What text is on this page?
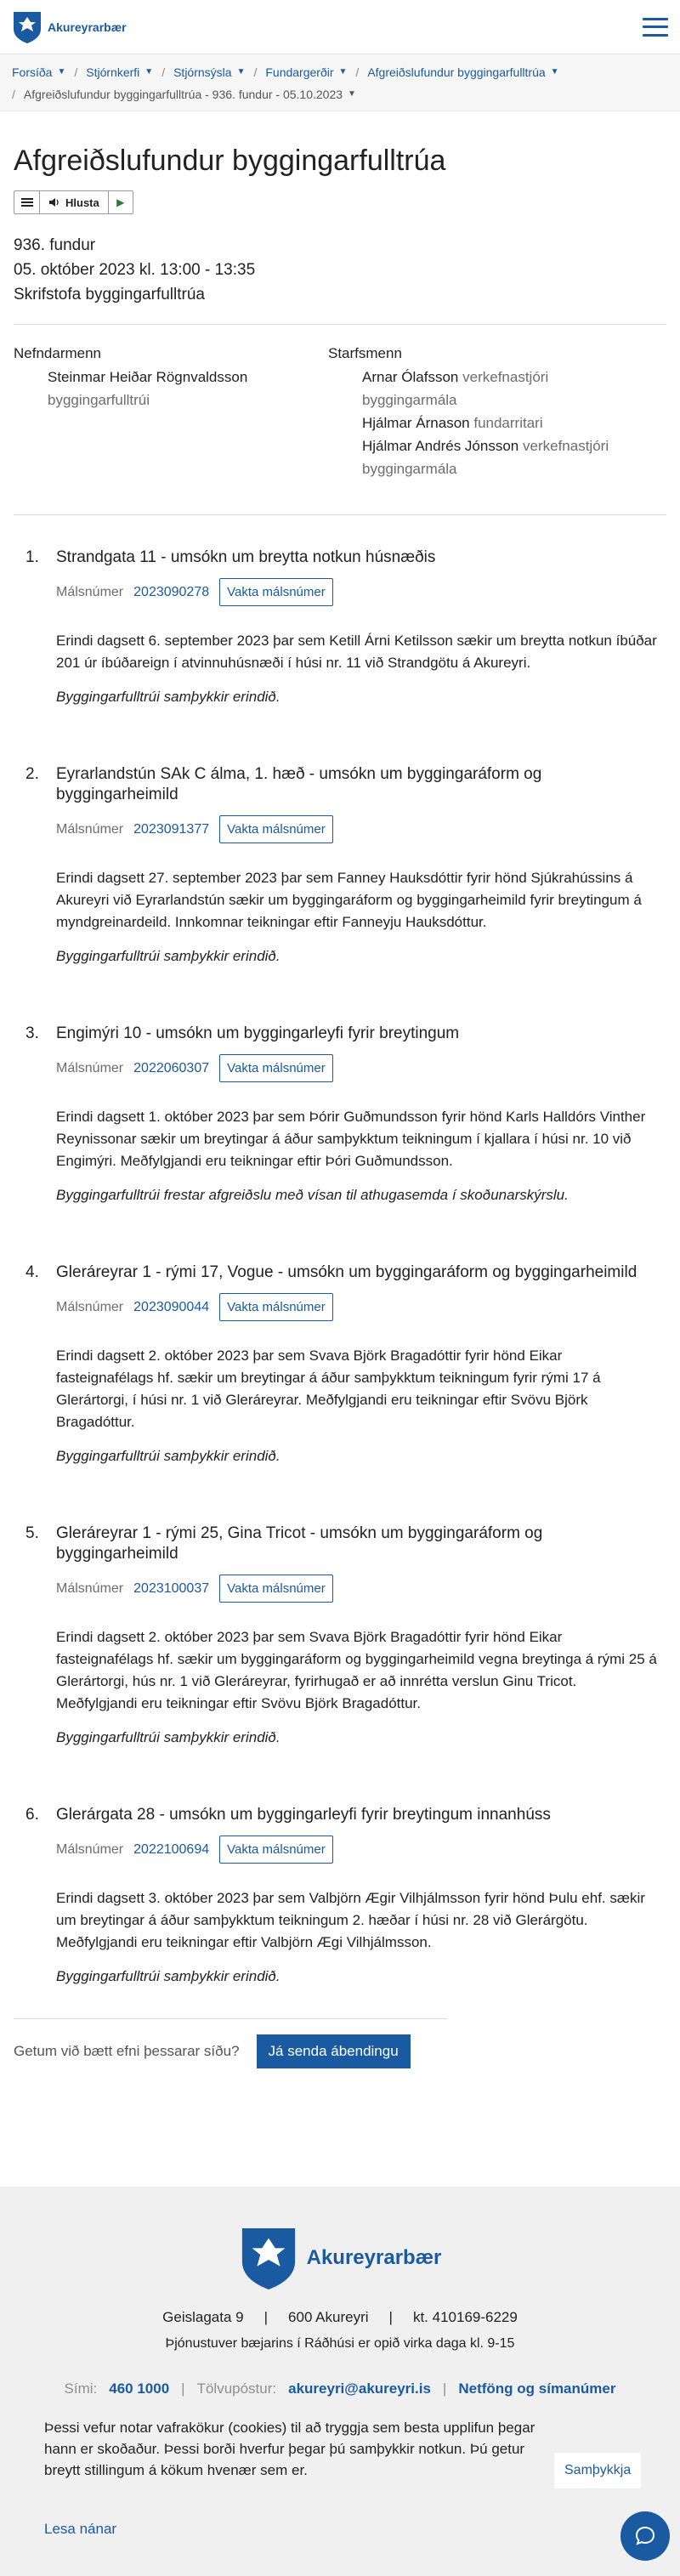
Akureyrarbær
Forsíða ▼ / Stjórnkerfi ▼ / Stjórnsýsla ▼ / Fundargerðir ▼ / Afgreiðslufundur byggingarfulltrúa ▼
/ Afgreiðslufundur byggingarfulltrúa - 936. fundur - 05.10.2023 ▼
Afgreiðslufundur byggingarfulltrúa
Hlusta	▶
936. fundur
05. október 2023 kl. 13:00 - 13:35
Skrifstofa byggingarfulltrúa
Nefndarmenn
Steinmar Heiðar Rögnvaldsson
byggingarfulltrúi
Starfsmenn
Arnar Ólafsson verkefnastjóri byggingarmála
Hjálmar Árnason fundarritari
Hjálmar Andrés Jónsson verkefnastjóri byggingarmála
1.	Strandgata 11 - umsókn um breytta notkun húsnæðis
Málsnúmer 2023090278	Vakta málsnúmer

Erindi dagsett 6. september 2023 þar sem Ketill Árni Ketilsson sækir um breytta notkun íbúðar 201 úr íbúðareign í atvinnuhúsnæði í húsi nr. 11 við Strandgötu á Akureyri.

Byggingarfulltrúi samþykkir erindið.

2.	Eyrarlandstún SAk C álma, 1. hæð - umsókn um byggingaráform og byggingarheimild
Málsnúmer 2023091377	Vakta málsnúmer

Erindi dagsett 27. september 2023 þar sem Fanney Hauksdóttir fyrir hönd Sjúkrahússins á Akureyri við Eyrarlandstún sækir um byggingaráform og byggingarheimild fyrir breytingum á myndgreinardeild. Innkomnar teikningar eftir Fanneyju Hauksdóttur.

Byggingarfulltrúi samþykkir erindið.

3.	Engimýri 10 - umsókn um byggingarleyfi fyrir breytingum
Málsnúmer 2022060307	Vakta málsnúmer

Erindi dagsett 1. október 2023 þar sem Þórir Guðmundsson fyrir hönd Karls Halldórs Vinther Reynissonar sækir um breytingar á áður samþykktum teikningum í kjallara í húsi nr. 10 við Engimýri. Meðfylgjandi eru teikningar eftir Þóri Guðmundsson.

Byggingarfulltrúi frestar afgreiðslu með vísan til athugasemda í skoðunarskýrslu.

4.	Gleráreyrar 1 - rými 17, Vogue - umsókn um byggingaráform og byggingarheimild
Málsnúmer 2023090044	Vakta málsnúmer

Erindi dagsett 2. október 2023 þar sem Svava Björk Bragadóttir fyrir hönd Eikar fasteignafélags hf. sækir um breytingar á áður samþykktum teikningum fyrir rými 17 á Glerártorgi, í húsi nr. 1 við Gleráreyrar. Meðfylgjandi eru teikningar eftir Svövu Björk Bragadóttur.

Byggingarfulltrúi samþykkir erindið.

5.	Gleráreyrar 1 - rými 25, Gina Tricot - umsókn um byggingaráform og byggingarheimild
Málsnúmer 2023100037	Vakta málsnúmer

Erindi dagsett 2. október 2023 þar sem Svava Björk Bragadóttir fyrir hönd Eikar fasteignafélags hf. sækir um byggingaráform og byggingarheimild vegna breytinga á rými 25 á Glerártorgi, hús nr. 1 við Gleráreyrar, fyrirhugað er að innrétta verslun Ginu Tricot. Meðfylgjandi eru teikningar eftir Svövu Björk Bragadóttur.

Byggingarfulltrúi samþykkir erindið.

6.	Glerárgata 28 - umsókn um byggingarleyfi fyrir breytingum innanhúss
Málsnúmer 2022100694	Vakta málsnúmer

Erindi dagsett 3. október 2023 þar sem Valbjörn Ægir Vilhjálmsson fyrir hönd Þulu ehf. sækir um breytingar á áður samþykktum teikningum 2. hæðar í húsi nr. 28 við Glerárgötu. Meðfylgjandi eru teikningar eftir Valbjörn Ægi Vilhjálmsson.

Byggingarfulltrúi samþykkir erindið.

Getum við bætt efni þessarar síðu?	Já senda ábendingu
Akureyrarbær
Geislagata 9 | 600 Akureyri | kt. 410169-6229
Þjónustuver bæjarins í Ráðhúsi er opið virka daga kl. 9-15
Sími: 460 1000 | Tölvupóstur: akureyri@akureyri.is | Netföng og símanúmer

Þessi vefur notar vafrakökur (cookies) til að tryggja sem besta upplifun þegar hann er skoðaður. Þessi borði hverfur þegar þú samþykkir notkun. Þú getur breytt stillingum á kökum hvenær sem er.

Lesa nánar
Samþykkja
